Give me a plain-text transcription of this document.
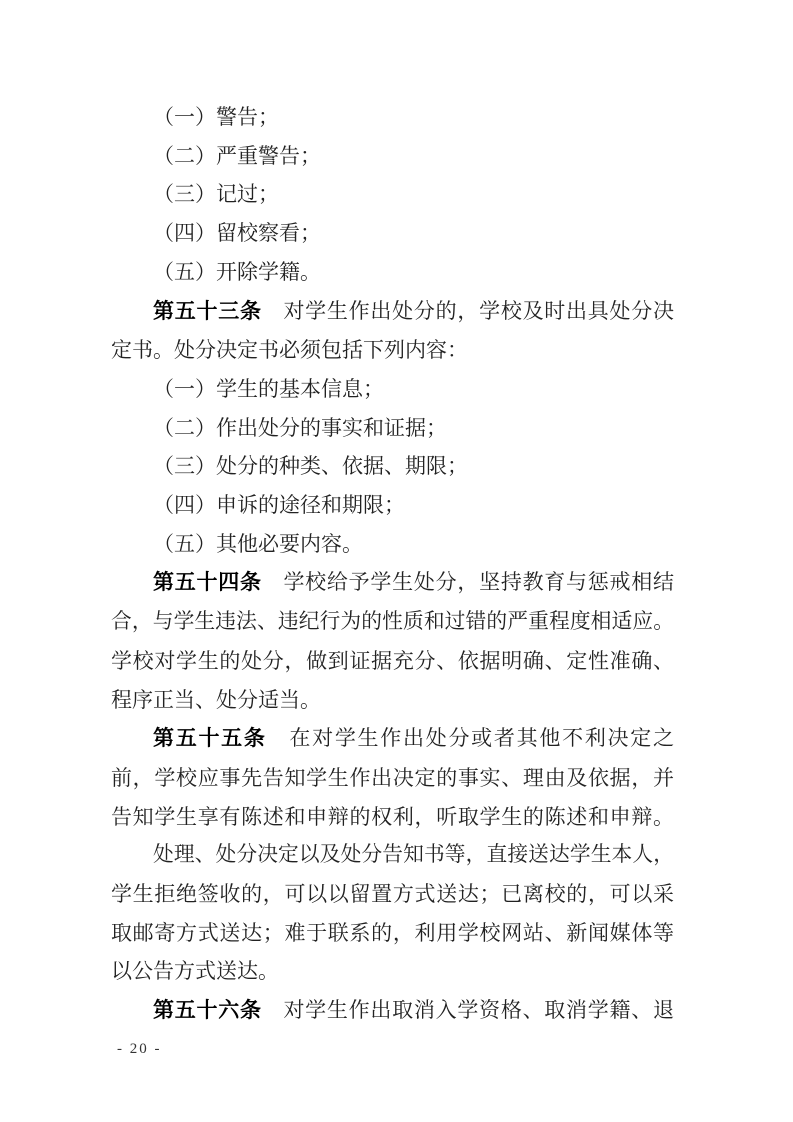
（一）警告；
（二）严重警告；
（三）记过；
（四）留校察看；
（五）开除学籍。
第五十三条　对学生作出处分的，学校及时出具处分决
定书。处分决定书必须包括下列内容：
（一）学生的基本信息；
（二）作出处分的事实和证据；
（三）处分的种类、依据、期限；
（四）申诉的途径和期限；
（五）其他必要内容。
第五十四条　学校给予学生处分，坚持教育与惩戒相结
合，与学生违法、违纪行为的性质和过错的严重程度相适应。
学校对学生的处分，做到证据充分、依据明确、定性准确、
程序正当、处分适当。
第五十五条　在对学生作出处分或者其他不利决定之
前，学校应事先告知学生作出决定的事实、理由及依据，并
告知学生享有陈述和申辩的权利，听取学生的陈述和申辩。
处理、处分决定以及处分告知书等，直接送达学生本人，
学生拒绝签收的，可以以留置方式送达；已离校的，可以采
取邮寄方式送达；难于联系的，利用学校网站、新闻媒体等
以公告方式送达。
第五十六条　对学生作出取消入学资格、取消学籍、退
- 20 -
